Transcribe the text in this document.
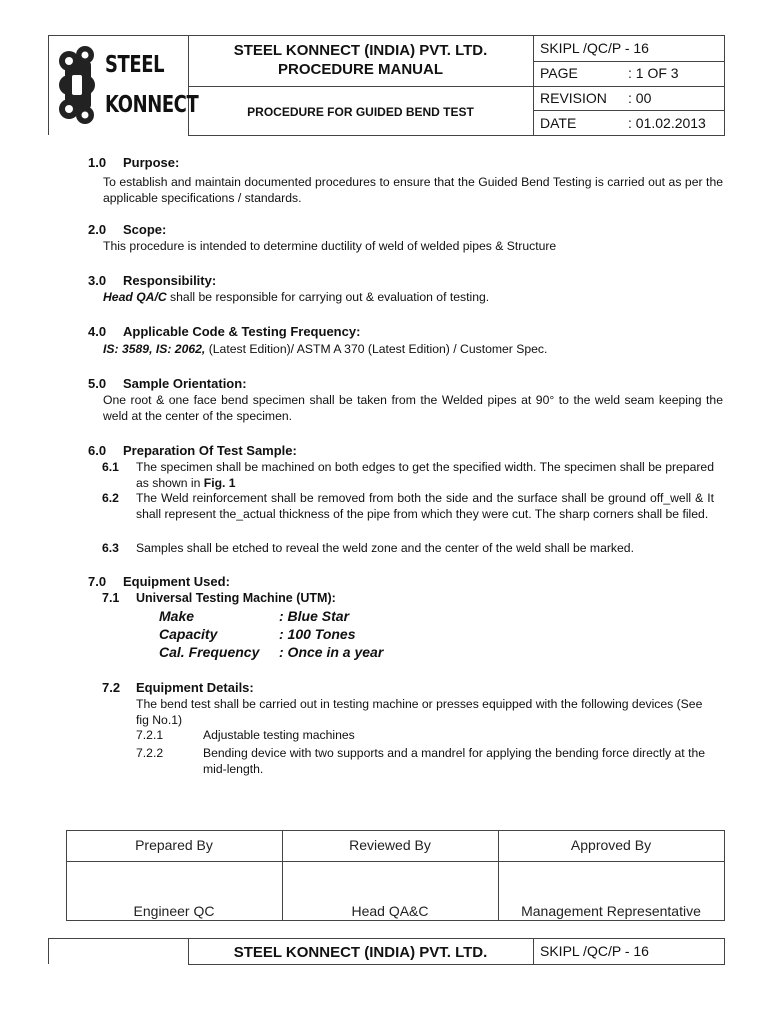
STEEL
KONNECT
STEEL KONNECT (INDIA) PVT. LTD.
PROCEDURE MANUAL
PROCEDURE FOR GUIDED BEND TEST
SKIPL /QC/P - 16
PAGE	: 1 OF 3
REVISION : 00
DATE	: 01.02.2013
1.0 Purpose:
To establish and maintain documented procedures to ensure that the Guided Bend Testing is carried out as per the applicable specifications / standards.
2.0 Scope:
This procedure is intended to determine ductility of weld of welded pipes & Structure
3.0 Responsibility:
Head QA/C shall be responsible for carrying out & evaluation of testing.
4.0 Applicable Code & Testing Frequency:
IS: 3589, IS: 2062, (Latest Edition)/ ASTM A 370 (Latest Edition) / Customer Spec.
5.0 Sample Orientation:
One root & one face bend specimen shall be taken from the Welded pipes at 90° to the weld seam keeping the weld at the center of the specimen.
6.0 Preparation Of Test Sample:
6.1 The specimen shall be machined on both edges to get the specified width. The specimen shall be prepared as shown in Fig. 1
6.2 The Weld reinforcement shall be removed from both the side and the surface shall be ground off_well & It shall represent the_actual thickness of the pipe from which they were cut. The sharp corners shall be filed.
6.3 Samples shall be etched to reveal the weld zone and the center of the weld shall be marked.
7.0 Equipment Used:
7.1 Universal Testing Machine (UTM):
Make	: Blue Star
Capacity	: 100 Tones
Cal. Frequency : Once in a year
7.2 Equipment Details:
The bend test shall be carried out in testing machine or presses equipped with the following devices (See fig No.1)
7.2.1	Adjustable testing machines
7.2.2	Bending device with two supports and a mandrel for applying the bending force directly at the mid-length.
Prepared By	Reviewed By	Approved By
Engineer QC	Head QA&C	Management Representative
STEEL KONNECT (INDIA) PVT. LTD.	SKIPL /QC/P - 16
